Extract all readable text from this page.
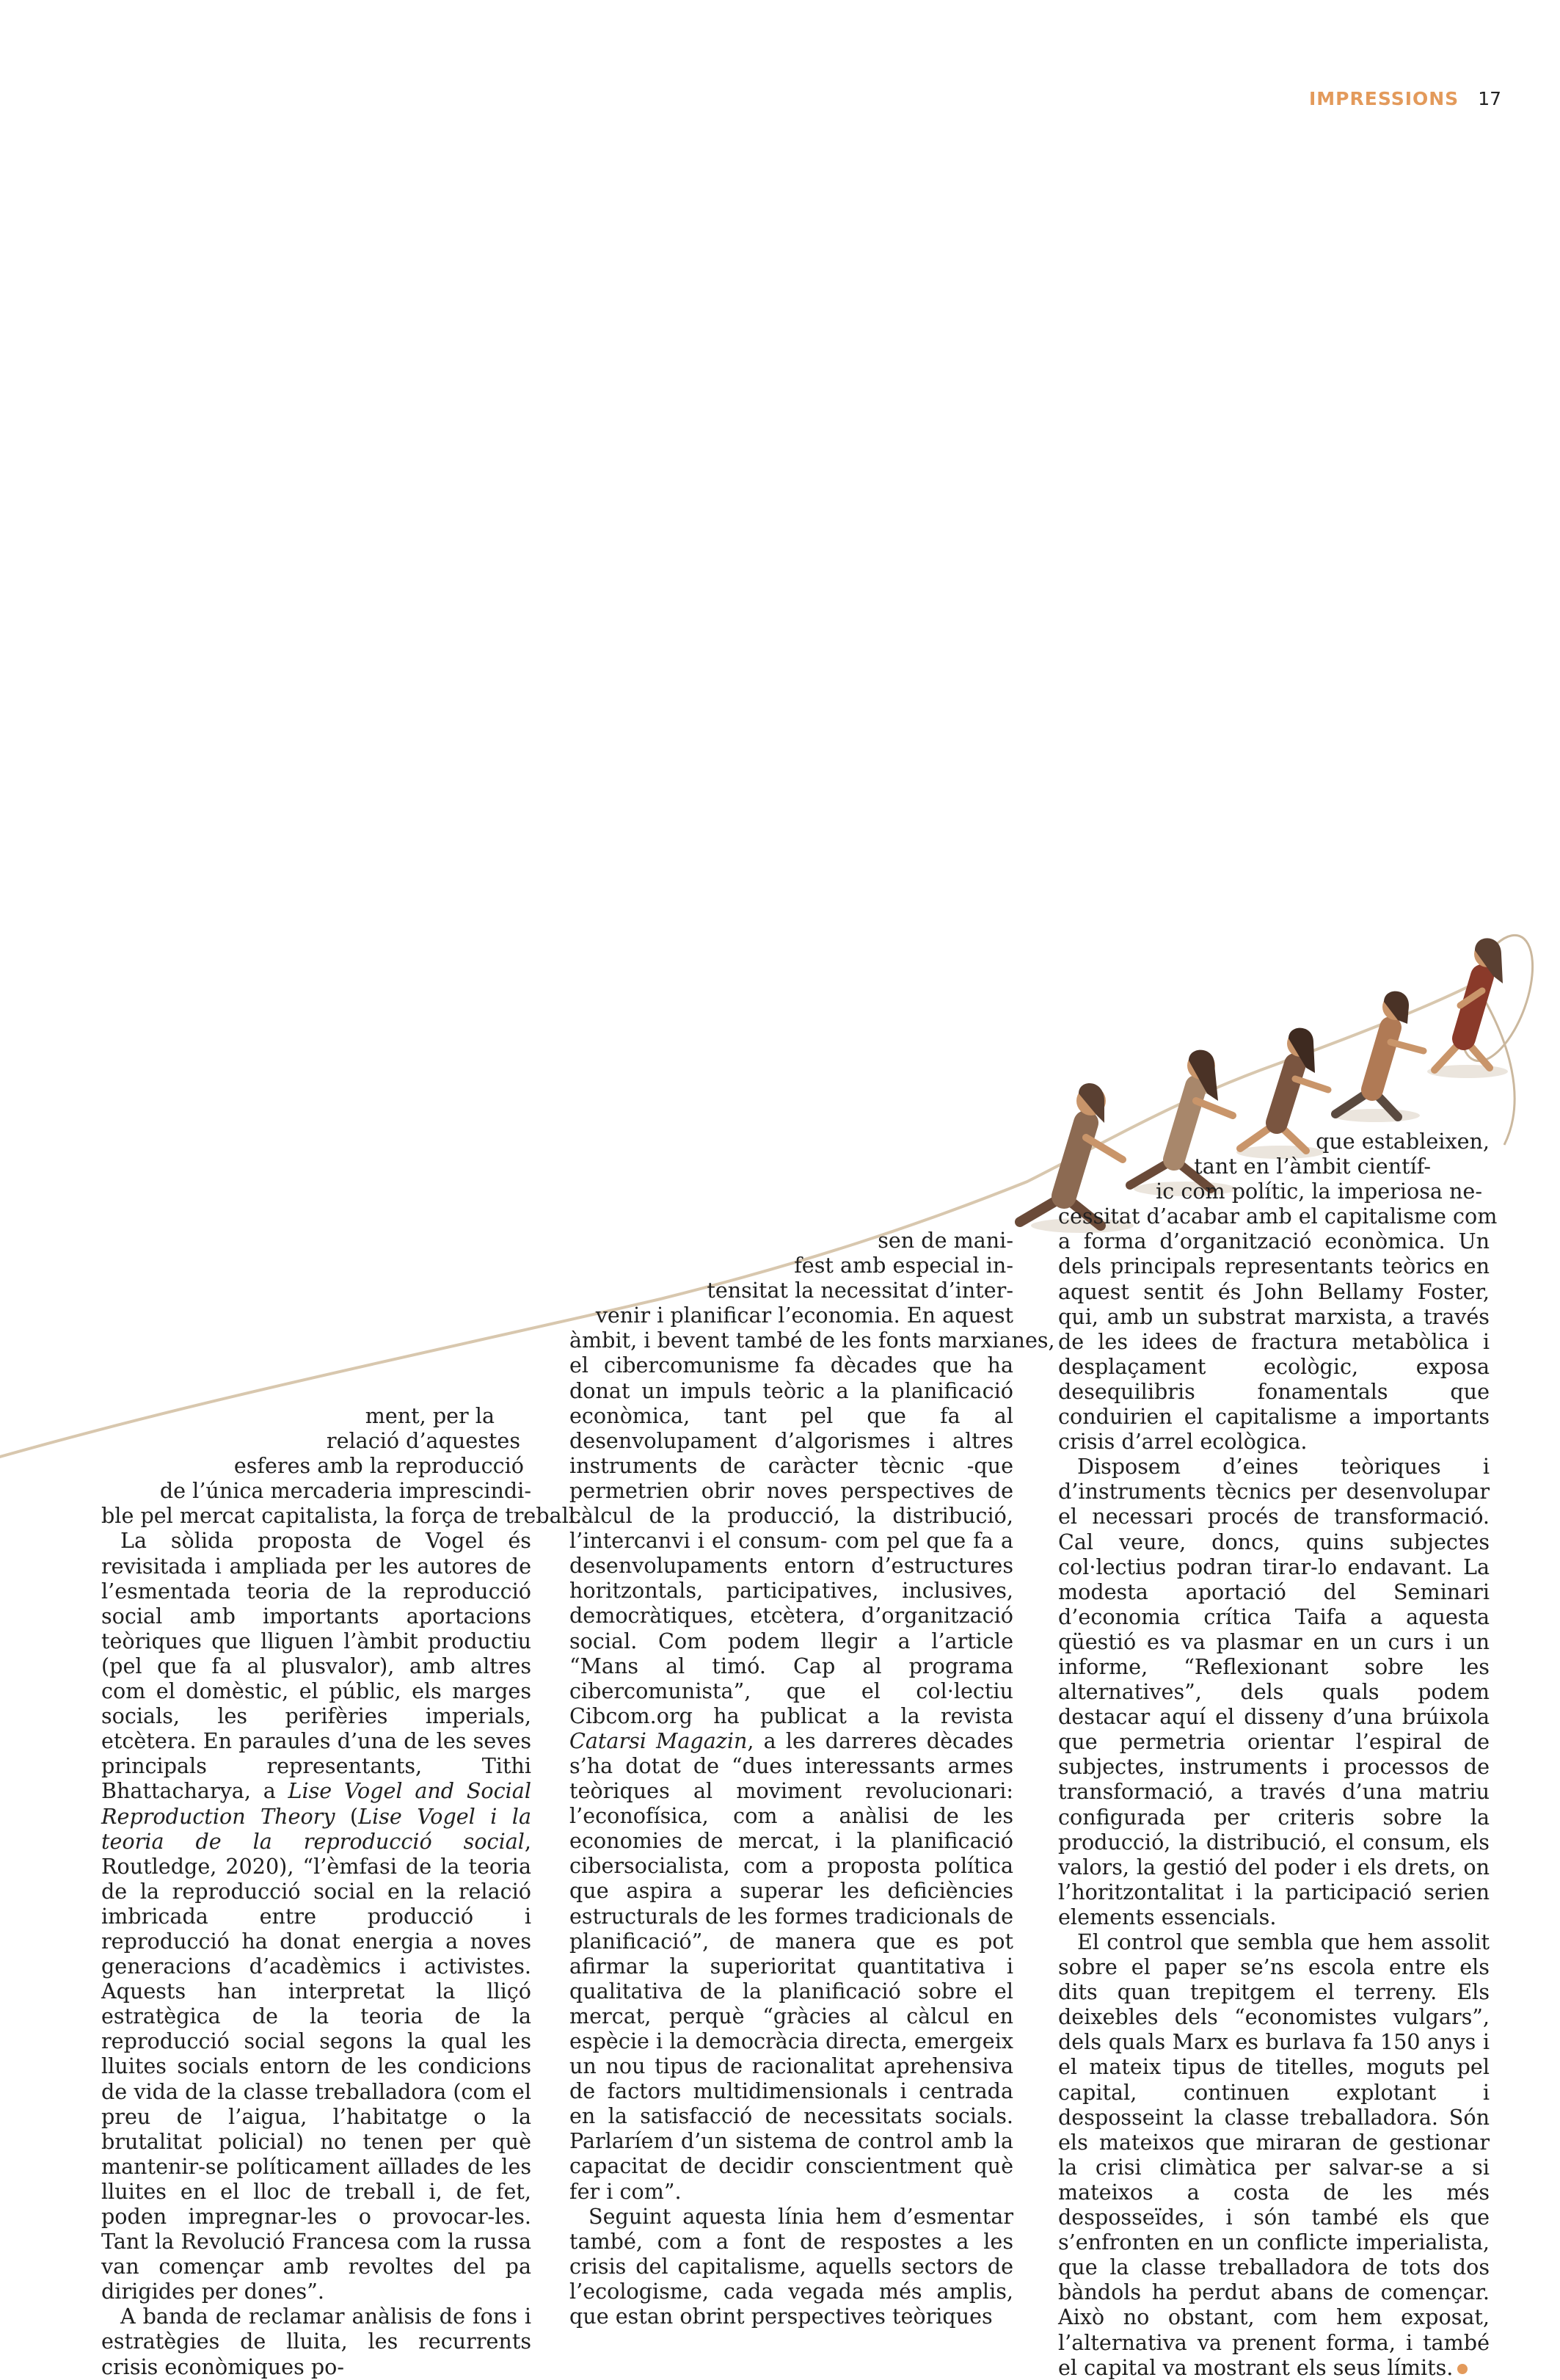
IMPRESSIONS 17
ment, per la
relació d’aquestes
esferes amb la reproducció
de l’única mercaderia imprescindi-
ble pel mercat capitalista, la força de treball.

La sòlida proposta de Vogel és revisitada i ampliada per les autores de l’esmentada teoria de la reproducció social amb importants aportacions teòriques que lliguen l’àmbit productiu (pel que fa al plusvalor), amb altres com el domèstic, el públic, els marges socials, les perifèries imperials, etcètera. En paraules d’una de les seves principals representants, Tithi Bhattacharya, a Lise Vogel and Social Reproduction Theory (Lise Vogel i la teoria de la reproducció social, Routledge, 2020), “l’èmfasi de la teoria de la reproducció social en la relació imbricada entre producció i reproducció ha donat energia a noves generacions d’acadèmics i activistes. Aquests han interpretat la lliçó estratègica de la teoria de la reproducció social segons la qual les lluites socials entorn de les condicions de vida de la classe treballadora (com el preu de l’aigua, l’habitatge o la brutalitat policial) no tenen per què mantenir-se políticament aïllades de les lluites en el lloc de treball i, de fet, poden impregnar-les o provocar-les. Tant la Revolució Francesa com la russa van començar amb revoltes del pa dirigides per dones”.

A banda de reclamar anàlisis de fons i estratègies de lluita, les recurrents crisis econòmiques po-

sen de mani-
fest amb especial in-
tensitat la necessitat d’inter-
venir i planificar l’economia. En aquest
àmbit, i bevent també de les fonts marxianes,

el cibercomunisme fa dècades que ha donat un impuls teòric a la planificació econòmica, tant pel que fa al desenvolupament d’algorismes i altres instruments de caràcter tècnic -que permetrien obrir noves perspectives de càlcul de la producció, la distribució, l’intercanvi i el consum- com pel que fa a desenvolupaments entorn d’estructures horitzontals, participatives, inclusives, democràtiques, etcètera, d’organització social. Com podem llegir a l’article “Mans al timó. Cap al programa cibercomunista”, que el col·lectiu Cibcom.org ha publicat a la revista Catarsi Magazin, a les darreres dècades s’ha dotat de “dues interessants armes teòriques al moviment revolucionari: l’econofísica, com a anàlisi de les economies de mercat, i la planificació cibersocialista, com a proposta política que aspira a superar les deficiències estructurals de les formes tradicionals de planificació”, de manera que es pot afirmar la superioritat quantitativa i qualitativa de la planificació sobre el mercat, perquè “gràcies al càlcul en espècie i la democràcia directa, emergeix un nou tipus de racionalitat aprehensiva de factors multidimensionals i centrada en la satisfacció de necessitats socials. Parlaríem d’un sistema de control amb la capacitat de decidir conscientment què fer i com”.

Seguint aquesta línia hem d’esmentar també, com a font de respostes a les crisis del capitalisme, aquells sectors de l’ecologisme, cada vegada més amplis, que estan obrint perspectives teòriques

que estableixen,
tant en l’àmbit científ-
ic com polític, la imperiosa ne-
cessitat d’acabar amb el capitalisme com

a forma d’organització econòmica. Un dels principals representants teòrics en aquest sentit és John Bellamy Foster, qui, amb un substrat marxista, a través de les idees de fractura metabòlica i desplaçament ecològic, exposa desequilibris fonamentals que conduirien el capitalisme a importants crisis d’arrel ecològica.

Disposem d’eines teòriques i d’instruments tècnics per desenvolupar el necessari procés de transformació. Cal veure, doncs, quins subjectes col·lectius podran tirar-lo endavant. La modesta aportació del Seminari d’economia crítica Taifa a aquesta qüestió es va plasmar en un curs i un informe, “Reflexionant sobre les alternatives”, dels quals podem destacar aquí el disseny d’una brúixola que permetria orientar l’espiral de subjectes, instruments i processos de transformació, a través d’una matriu configurada per criteris sobre la producció, la distribució, el consum, els valors, la gestió del poder i els drets, on l’horitzontalitat i la participació serien elements essencials.

El control que sembla que hem assolit sobre el paper se’ns escola entre els dits quan trepitgem el terreny. Els deixebles dels “economistes vulgars”, dels quals Marx es burlava fa 150 anys i el mateix tipus de titelles, moguts pel capital, continuen explotant i desposseint la classe treballadora. Són els mateixos que miraran de gestionar la crisi climàtica per salvar-se a si mateixos a costa de les més desposseïdes, i són també els que s’enfronten en un conflicte imperialista, que la classe treballadora de tots dos bàndols ha perdut abans de començar. Això no obstant, com hem exposat, l’alternativa va prenent forma, i també el capital va mostrant els seus límits.
